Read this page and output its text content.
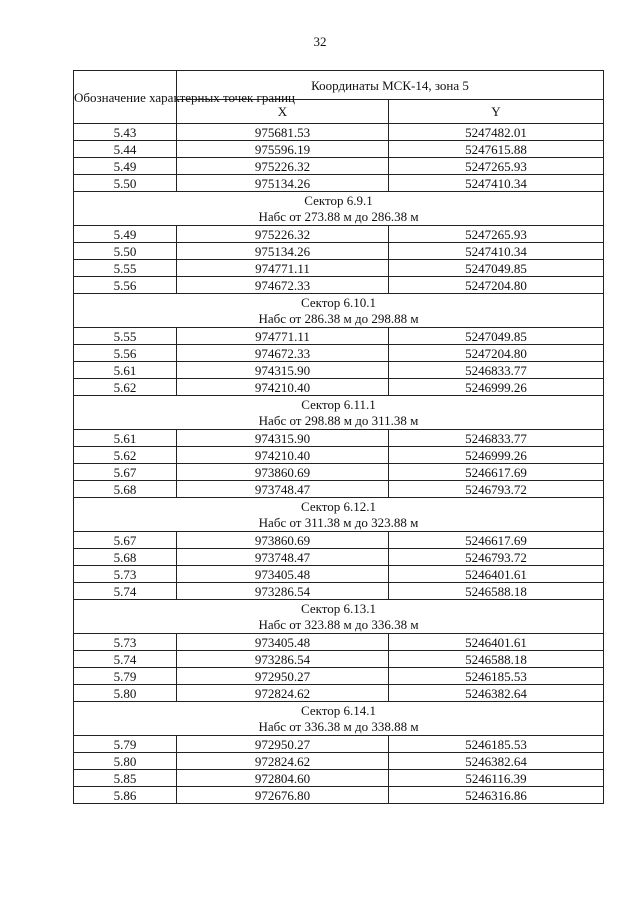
32
Обозначение характерных точек границ	Координаты МСК-14, зона 5	
	X	Y
5.43	975681.53	5247482.01
5.44	975596.19	5247615.88
5.49	975226.32	5247265.93
5.50	975134.26	5247410.34

Сектор 6.9.1
Набс от 273.88 м до 286.38 м		

5.49	975226.32	5247265.93
5.50	975134.26	5247410.34
5.55	974771.11	5247049.85
5.56	974672.33	5247204.80

Сектор 6.10.1
Набс от 286.38 м до 298.88 м		

5.55	974771.11	5247049.85
5.56	974672.33	5247204.80
5.61	974315.90	5246833.77
5.62	974210.40	5246999.26

Сектор 6.11.1
Набс от 298.88 м до 311.38 м		

5.61	974315.90	5246833.77
5.62	974210.40	5246999.26
5.67	973860.69	5246617.69
5.68	973748.47	5246793.72

Сектор 6.12.1
Набс от 311.38 м до 323.88 м		

5.67	973860.69	5246617.69
5.68	973748.47	5246793.72
5.73	973405.48	5246401.61
5.74	973286.54	5246588.18

Сектор 6.13.1
Набс от 323.88 м до 336.38 м		

5.73	973405.48	5246401.61
5.74	973286.54	5246588.18
5.79	972950.27	5246185.53
5.80	972824.62	5246382.64

Сектор 6.14.1
Набс от 336.38 м до 338.88 м		

5.79	972950.27	5246185.53
5.80	972824.62	5246382.64
5.85	972804.60	5246116.39
5.86	972676.80	5246316.86
